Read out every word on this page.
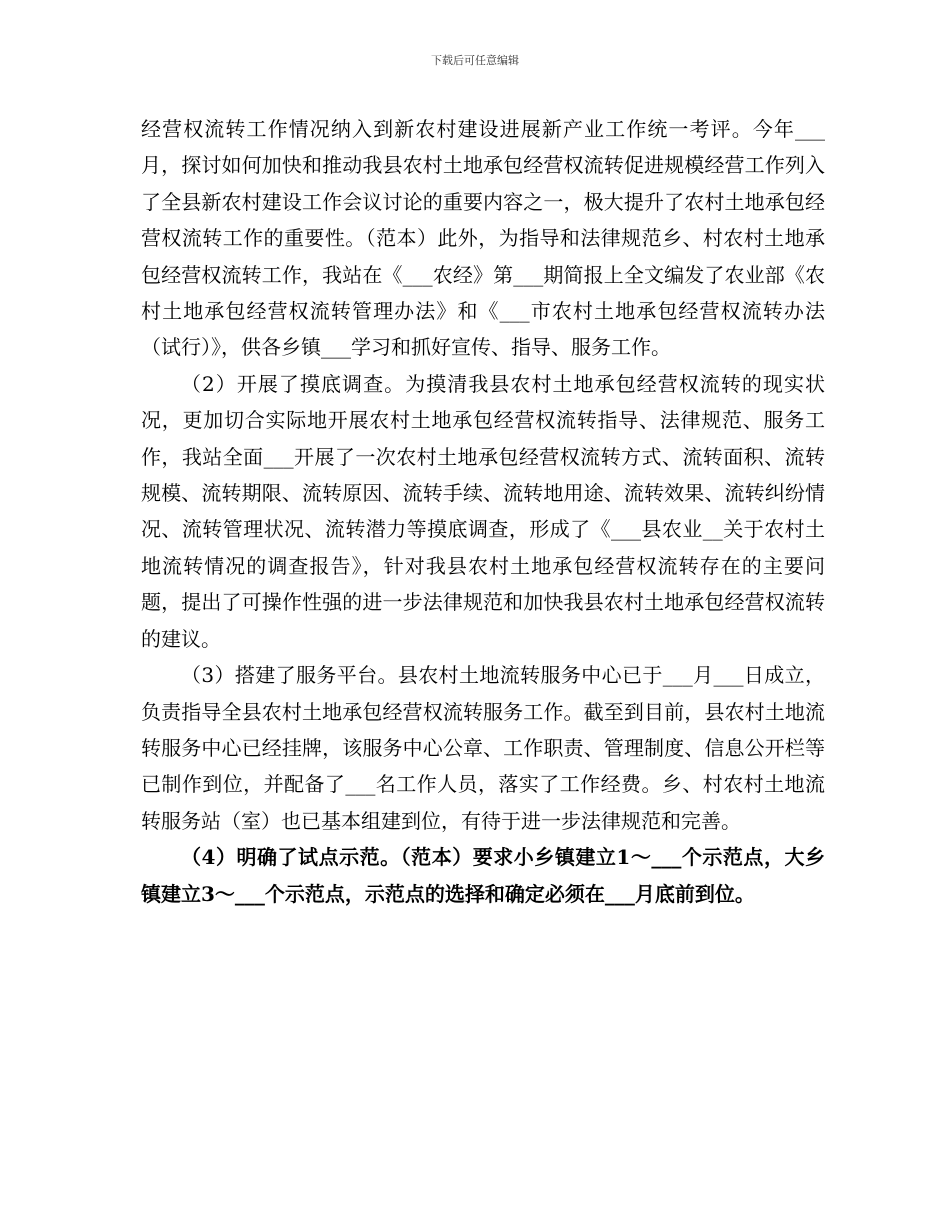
下载后可任意编辑

经营权流转工作情况纳入到新农村建设进展新产业工作统一考评。今年___月，探讨如何加快和推动我县农村土地承包经营权流转促进规模经营工作列入了全县新农村建设工作会议讨论的重要内容之一，极大提升了农村土地承包经营权流转工作的重要性。（范本）此外，为指导和法律规范乡、村农村土地承包经营权流转工作，我站在《___农经》第___期简报上全文编发了农业部《农村土地承包经营权流转管理办法》和《___市农村土地承包经营权流转办法（试行）》，供各乡镇___学习和抓好宣传、指导、服务工作。

（2）开展了摸底调查。为摸清我县农村土地承包经营权流转的现实状况，更加切合实际地开展农村土地承包经营权流转指导、法律规范、服务工作，我站全面___开展了一次农村土地承包经营权流转方式、流转面积、流转规模、流转期限、流转原因、流转手续、流转地用途、流转效果、流转纠纷情况、流转管理状况、流转潜力等摸底调查，形成了《___县农业__关于农村土地流转情况的调查报告》，针对我县农村土地承包经营权流转存在的主要问题，提出了可操作性强的进一步法律规范和加快我县农村土地承包经营权流转的建议。

（3）搭建了服务平台。县农村土地流转服务中心已于___月___日成立，负责指导全县农村土地承包经营权流转服务工作。截至到目前，县农村土地流转服务中心已经挂牌，该服务中心公章、工作职责、管理制度、信息公开栏等已制作到位，并配备了___名工作人员，落实了工作经费。乡、村农村土地流转服务站（室）也已基本组建到位，有待于进一步法律规范和完善。

（4）明确了试点示范。（范本）要求小乡镇建立1～___个示范点，大乡镇建立3～___个示范点，示范点的选择和确定必须在___月底前到位。
